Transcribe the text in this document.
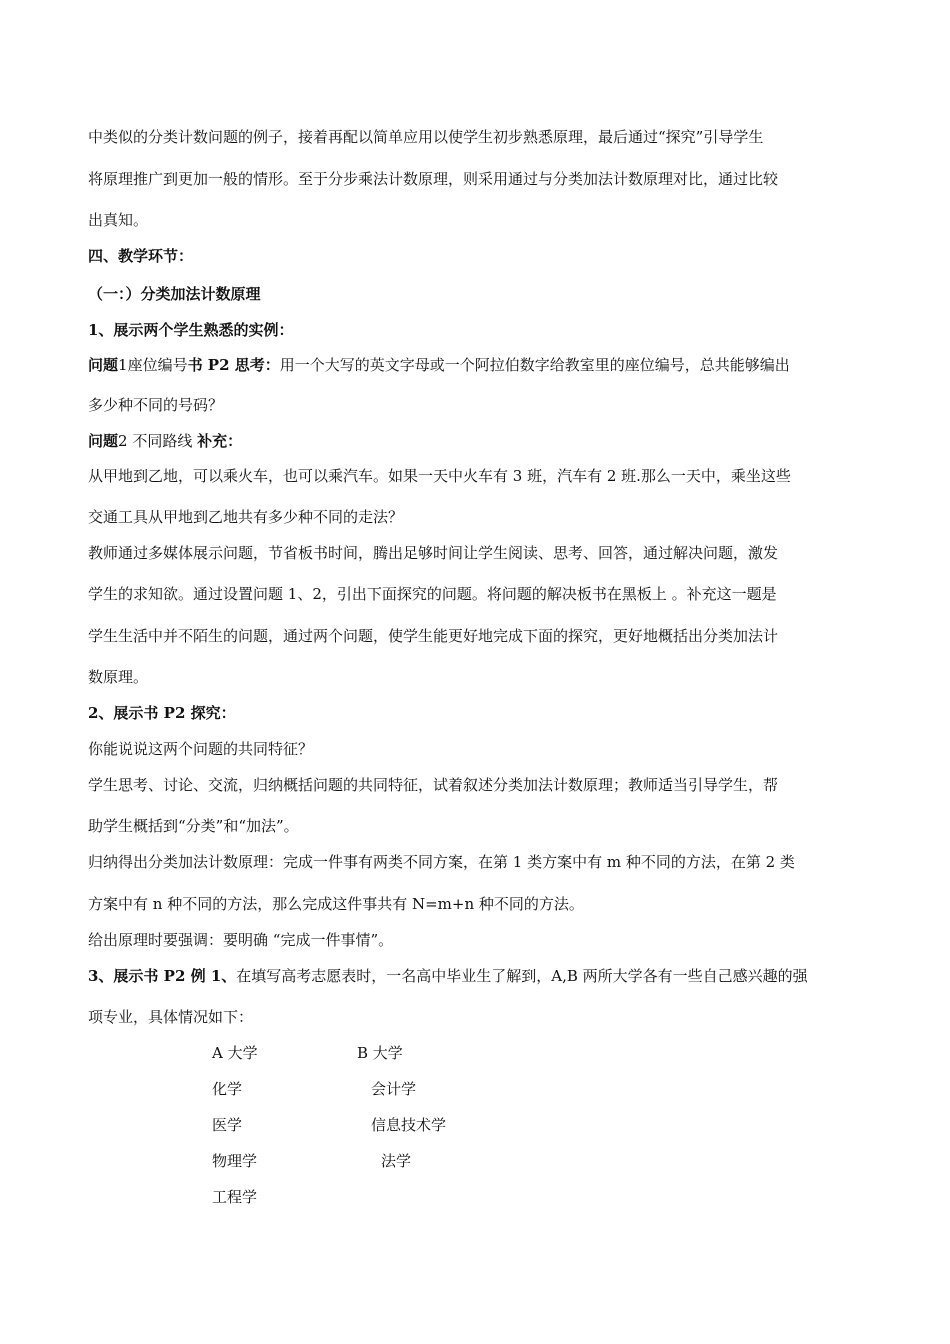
中类似的分类计数问题的例子，接着再配以简单应用以使学生初步熟悉原理，最后通过“探究”引导学生
将原理推广到更加一般的情形。至于分步乘法计数原理，则采用通过与分类加法计数原理对比，通过比较
出真知。
四、教学环节：
（一：）分类加法计数原理
1、展示两个学生熟悉的实例：
问题1座位编号书 P2 思考：用一个大写的英文字母或一个阿拉伯数字给教室里的座位编号，总共能够编出
多少种不同的号码？
问题2 不同路线 补充：
从甲地到乙地，可以乘火车，也可以乘汽车。如果一天中火车有 3 班，汽车有 2 班.那么一天中，乘坐这些
交通工具从甲地到乙地共有多少种不同的走法？
教师通过多媒体展示问题，节省板书时间，腾出足够时间让学生阅读、思考、回答，通过解决问题，激发
学生的求知欲。通过设置问题 1、2，引出下面探究的问题。将问题的解决板书在黑板上 。补充这一题是
学生生活中并不陌生的问题，通过两个问题，使学生能更好地完成下面的探究，更好地概括出分类加法计
数原理。
2、展示书 P2 探究：
你能说说这两个问题的共同特征？
学生思考、讨论、交流，归纳概括问题的共同特征，试着叙述分类加法计数原理；教师适当引导学生，帮
助学生概括到“分类”和“加法”。
归纳得出分类加法计数原理：完成一件事有两类不同方案，在第 1 类方案中有 m 种不同的方法，在第 2 类
方案中有 n 种不同的方法，那么完成这件事共有 N=m+n 种不同的方法。
给出原理时要强调：要明确 “完成一件事情”。
3、展示书 P2 例 1、在填写高考志愿表时，一名高中毕业生了解到，A,B 两所大学各有一些自己感兴趣的强
项专业，具体情况如下：
A 大学	B 大学
化学	会计学
医学	信息技术学
物理学	法学
工程学
